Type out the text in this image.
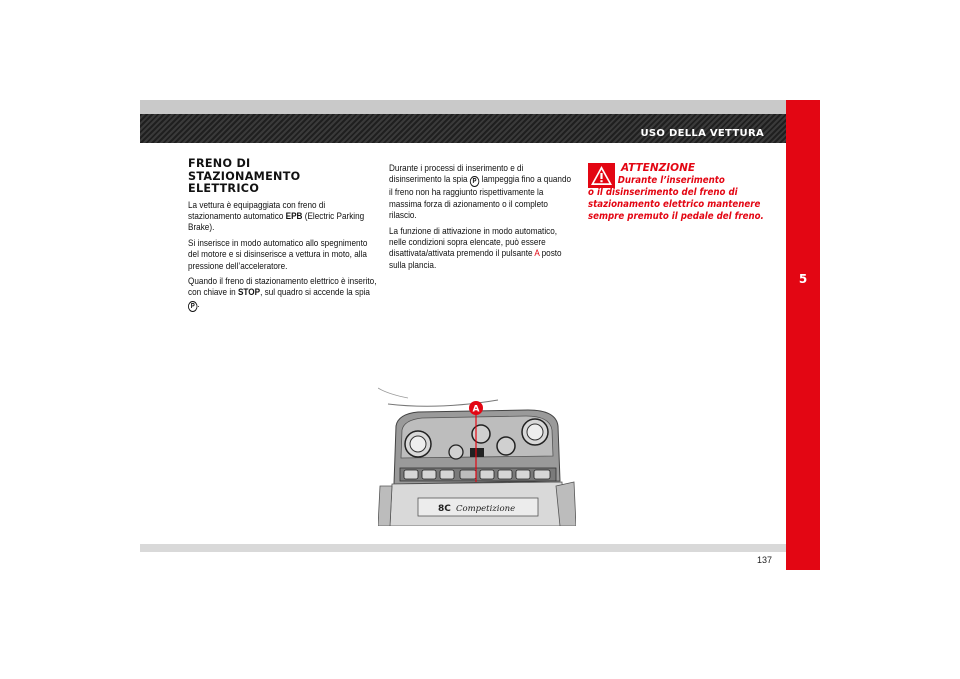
USO DELLA VETTURA
5
137
FRENO DI
STAZIONAMENTO
ELETTRICO

La vettura è equipaggiata con freno di stazionamento automatico EPB (Electric Parking Brake).

Si inserisce in modo automatico allo spegnimento del motore e si disinserisce a vettura in moto, alla pressione dell’acceleratore.

Quando il freno di stazionamento elettrico è inserito, con chiave in STOP, sul quadro si accende la spia P .

Durante i processi di inserimento e di disinserimento la spia P lampeggia fino a quando il freno non ha raggiunto rispettivamente la massima forza di azionamento o il completo rilascio.

La funzione di attivazione in modo automatico, nelle condizioni sopra elencate, può essere disattivata/attivata premendo il pulsante A posto sulla plancia.

ATTENZIONE
Durante l’inserimento
o il disinserimento del freno di stazionamento elettrico mantenere sempre premuto il pedale del freno.
A
8C Competizione
